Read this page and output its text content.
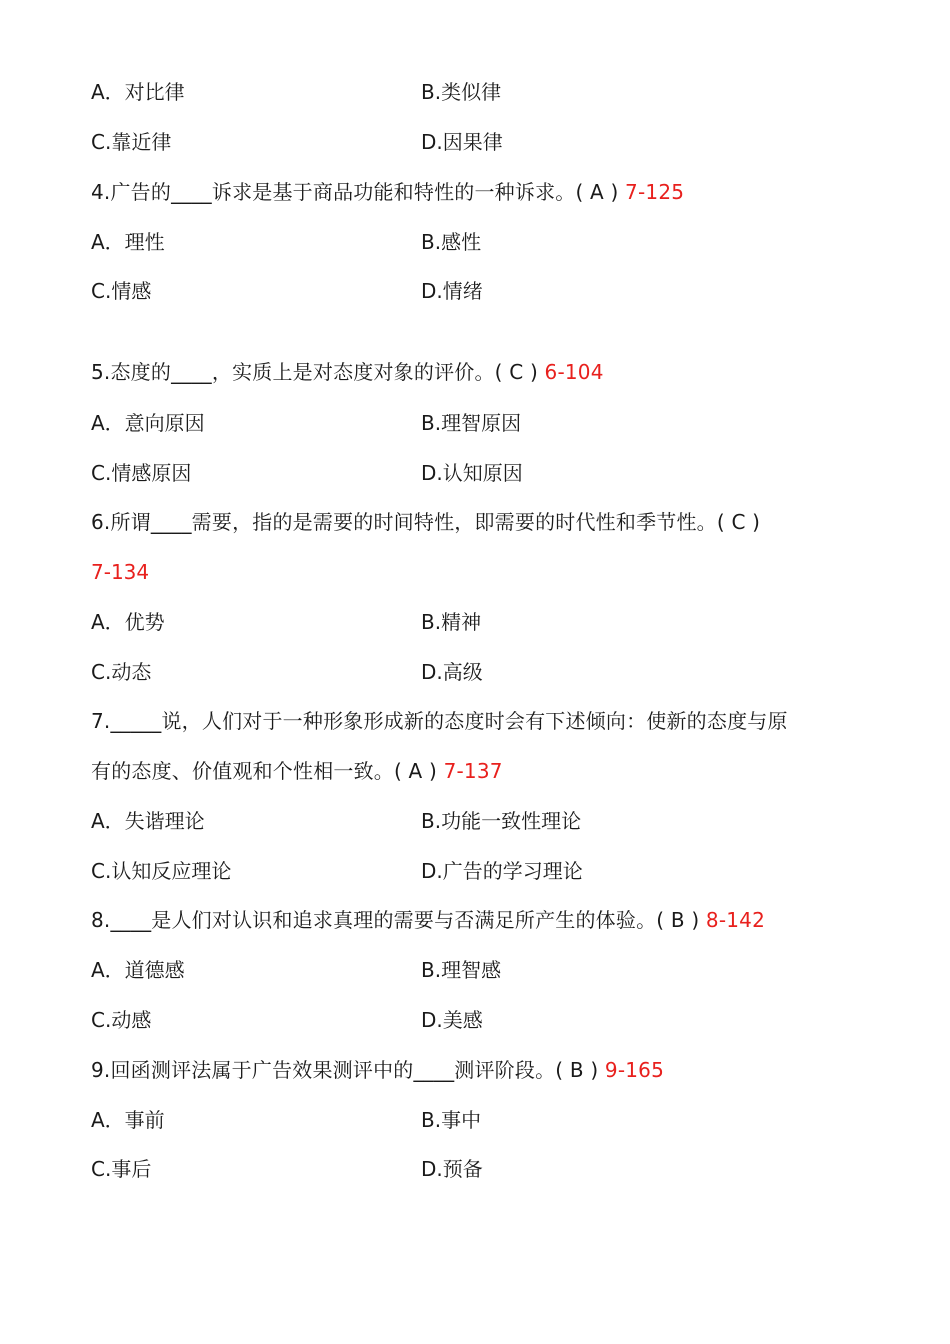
A．对比律	B.类似律
C.靠近律	D.因果律
4.广告的____诉求是基于商品功能和特性的一种诉求。( A ) 7-125
A．理性	B.感性
C.情感	D.情绪
5.态度的____，实质上是对态度对象的评价。( C ) 6-104
A．意向原因	B.理智原因
C.情感原因	D.认知原因
6.所谓____需要，指的是需要的时间特性，即需要的时代性和季节性。( C )
7-134
A．优势	B.精神
C.动态	D.高级
7._____说，人们对于一种形象形成新的态度时会有下述倾向：使新的态度与原
有的态度、价值观和个性相一致。( A ) 7-137
A．失谐理论	B.功能一致性理论
C.认知反应理论	D.广告的学习理论
8.____是人们对认识和追求真理的需要与否满足所产生的体验。( B ) 8-142
A．道德感	B.理智感
C.动感	D.美感
9.回函测评法属于广告效果测评中的____测评阶段。( B ) 9-165
A．事前	B.事中
C.事后	D.预备
